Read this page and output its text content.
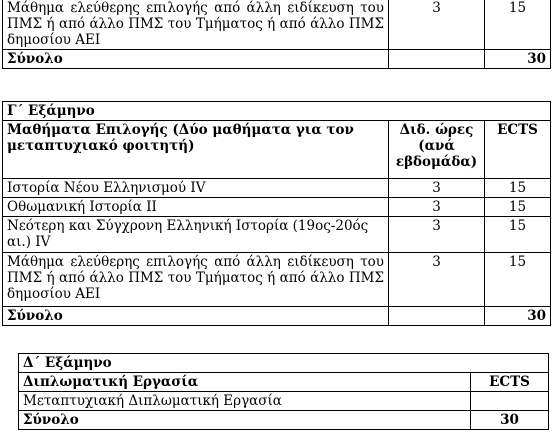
Μάθημα ελεύθερης επιλογής από άλλη ειδίκευση του ΠΜΣ ή από άλλο ΠΜΣ του Τμήματος ή από άλλο ΠΜΣ δημοσίου ΑΕΙ	3	15
Σύνολο		30
Γ΄ Εξάμηνο		
Μαθήματα Επιλογής (Δύο μαθήματα για τον μεταπτυχιακό φοιτητή)	Διδ. ώρες (ανά εβδομάδα)	ECTS
Ιστορία Νέου Ελληνισμού IV	3	15
Οθωμανική Ιστορία ΙΙ	3	15
Νεότερη και Σύγχρονη Ελληνική Ιστορία (19ος-20ός αι.) IV	3	15
Μάθημα ελεύθερης επιλογής από άλλη ειδίκευση του ΠΜΣ ή από άλλο ΠΜΣ του Τμήματος ή από άλλο ΠΜΣ δημοσίου ΑΕΙ	3	15
Σύνολο		30
Δ΄ Εξάμηνο	
Διπλωματική Εργασία	ECTS
Μεταπτυχιακή Διπλωματική Εργασία	
Σύνολο	30
